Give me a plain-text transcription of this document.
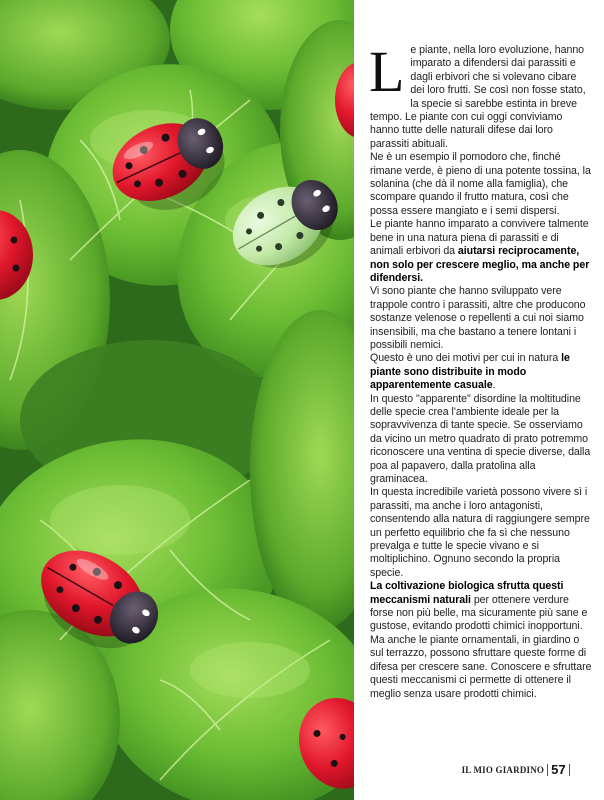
L e piante, nella loro evoluzione, hanno imparato a difendersi dai parassiti e dagli erbivori che si volevano cibare dei loro frutti. Se così non fosse stato, la specie si sarebbe estinta in breve tempo. Le piante con cui oggi conviviamo hanno tutte delle naturali difese dai loro parassiti abituali.

Ne è un esempio il pomodoro che, finché rimane verde, è pieno di una potente tossina, la solanina (che dà il nome alla famiglia), che scompare quando il frutto matura, così che possa essere mangiato e i semi dispersi.

Le piante hanno imparato a convivere talmente bene in una natura piena di parassiti e di animali erbivori da aiutarsi reciprocamente, non solo per crescere meglio, ma anche per difendersi.

Vi sono piante che hanno sviluppato vere trappole contro i parassiti, altre che producono sostanze velenose o repellenti a cui noi siamo insensibili, ma che bastano a tenere lontani i possibili nemici.

Questo è uno dei motivi per cui in natura le piante sono distribuite in modo apparentemente casuale.

In questo "apparente" disordine la moltitudine delle specie crea l'ambiente ideale per la sopravvivenza di tante specie. Se osserviamo da vicino un metro quadrato di prato potremmo riconoscere una ventina di specie diverse, dalla poa al papavero, dalla pratolina alla graminacea.

In questa incredibile varietà possono vivere sì i parassiti, ma anche i loro antagonisti, consentendo alla natura di raggiungere sempre un perfetto equilibrio che fa sì che nessuno prevalga e tutte le specie vivano e si moltiplichino. Ognuno secondo la propria specie.

La coltivazione biologica sfrutta questi meccanismi naturali per ottenere verdure forse non più belle, ma sicuramente più sane e gustose, evitando prodotti chimici inopportuni.

Ma anche le piante ornamentali, in giardino o sul terrazzo, possono sfruttare queste forme di difesa per crescere sane. Conoscere e sfruttare questi meccanismi ci permette di ottenere il meglio senza usare prodotti chimici.

IL MIO GIARDINO 57
